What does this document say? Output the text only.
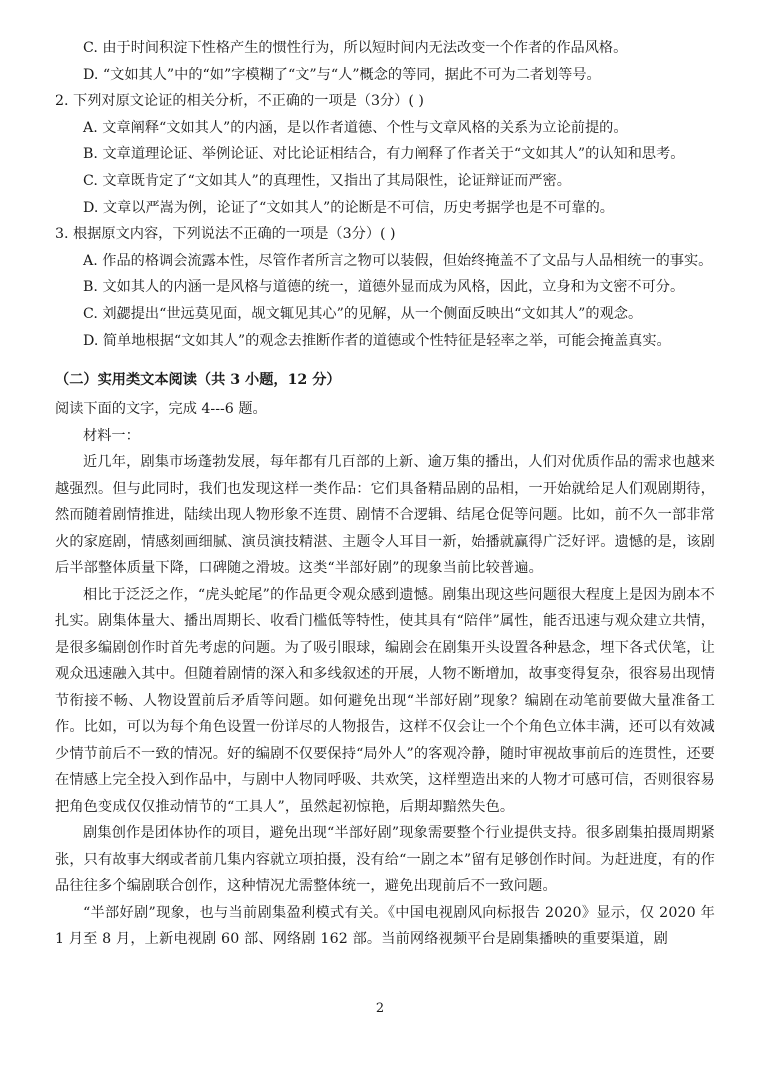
C. 由于时间积淀下性格产生的惯性行为，所以短时间内无法改变一个作者的作品风格。
D. “文如其人”中的“如”字模糊了“文”与“人”概念的等同，据此不可为二者划等号。
2. 下列对原文论证的相关分析，不正确的一项是（3分）( )
A. 文章阐释“文如其人”的内涵，是以作者道德、个性与文章风格的关系为立论前提的。
B. 文章道理论证、举例论证、对比论证相结合，有力阐释了作者关于“文如其人”的认知和思考。
C. 文章既肯定了“文如其人”的真理性，又指出了其局限性，论证辩证而严密。
D. 文章以严嵩为例，论证了“文如其人”的论断是不可信，历史考据学也是不可靠的。
3. 根据原文内容，下列说法不正确的一项是（3分）( )
A. 作品的格调会流露本性，尽管作者所言之物可以装假，但始终掩盖不了文品与人品相统一的事实。
B. 文如其人的内涵一是风格与道德的统一，道德外显而成为风格，因此，立身和为文密不可分。
C. 刘勰提出“世远莫见面，觇文辄见其心”的见解，从一个侧面反映出“文如其人”的观念。
D. 简单地根据“文如其人”的观念去推断作者的道德或个性特征是轻率之举，可能会掩盖真实。
（二）实用类文本阅读（共 3 小题，12 分）
阅读下面的文字，完成 4---6 题。
材料一：

近几年，剧集市场蓬勃发展，每年都有几百部的上新、逾万集的播出，人们对优质作品的需求也越来越强烈。但与此同时，我们也发现这样一类作品：它们具备精品剧的品相，一开始就给足人们观剧期待，然而随着剧情推进，陆续出现人物形象不连贯、剧情不合逻辑、结尾仓促等问题。比如，前不久一部非常火的家庭剧，情感刻画细腻、演员演技精湛、主题令人耳目一新，始播就赢得广泛好评。遗憾的是，该剧后半部整体质量下降，口碑随之滑坡。这类“半部好剧”的现象当前比较普遍。

相比于泛泛之作，“虎头蛇尾”的作品更令观众感到遗憾。剧集出现这些问题很大程度上是因为剧本不扎实。剧集体量大、播出周期长、收看门槛低等特性，使其具有“陪伴”属性，能否迅速与观众建立共情，是很多编剧创作时首先考虑的问题。为了吸引眼球，编剧会在剧集开头设置各种悬念，埋下各式伏笔，让观众迅速融入其中。但随着剧情的深入和多线叙述的开展，人物不断增加，故事变得复杂，很容易出现情节衔接不畅、人物设置前后矛盾等问题。如何避免出现“半部好剧”现象？编剧在动笔前要做大量准备工作。比如，可以为每个角色设置一份详尽的人物报告，这样不仅会让一个个角色立体丰满，还可以有效减少情节前后不一致的情况。好的编剧不仅要保持“局外人”的客观冷静，随时审视故事前后的连贯性，还要在情感上完全投入到作品中，与剧中人物同呼吸、共欢笑，这样塑造出来的人物才可感可信，否则很容易把角色变成仅仅推动情节的“工具人”，虽然起初惊艳，后期却黯然失色。

剧集创作是团体协作的项目，避免出现“半部好剧”现象需要整个行业提供支持。很多剧集拍摄周期紧张，只有故事大纲或者前几集内容就立项拍摄，没有给“一剧之本”留有足够创作时间。为赶进度，有的作品往往多个编剧联合创作，这种情况尤需整体统一，避免出现前后不一致问题。

“半部好剧”现象，也与当前剧集盈利模式有关。《中国电视剧风向标报告 2020》显示，仅 2020 年 1 月至 8 月，上新电视剧 60 部、网络剧 162 部。当前网络视频平台是剧集播映的重要渠道，剧

2
